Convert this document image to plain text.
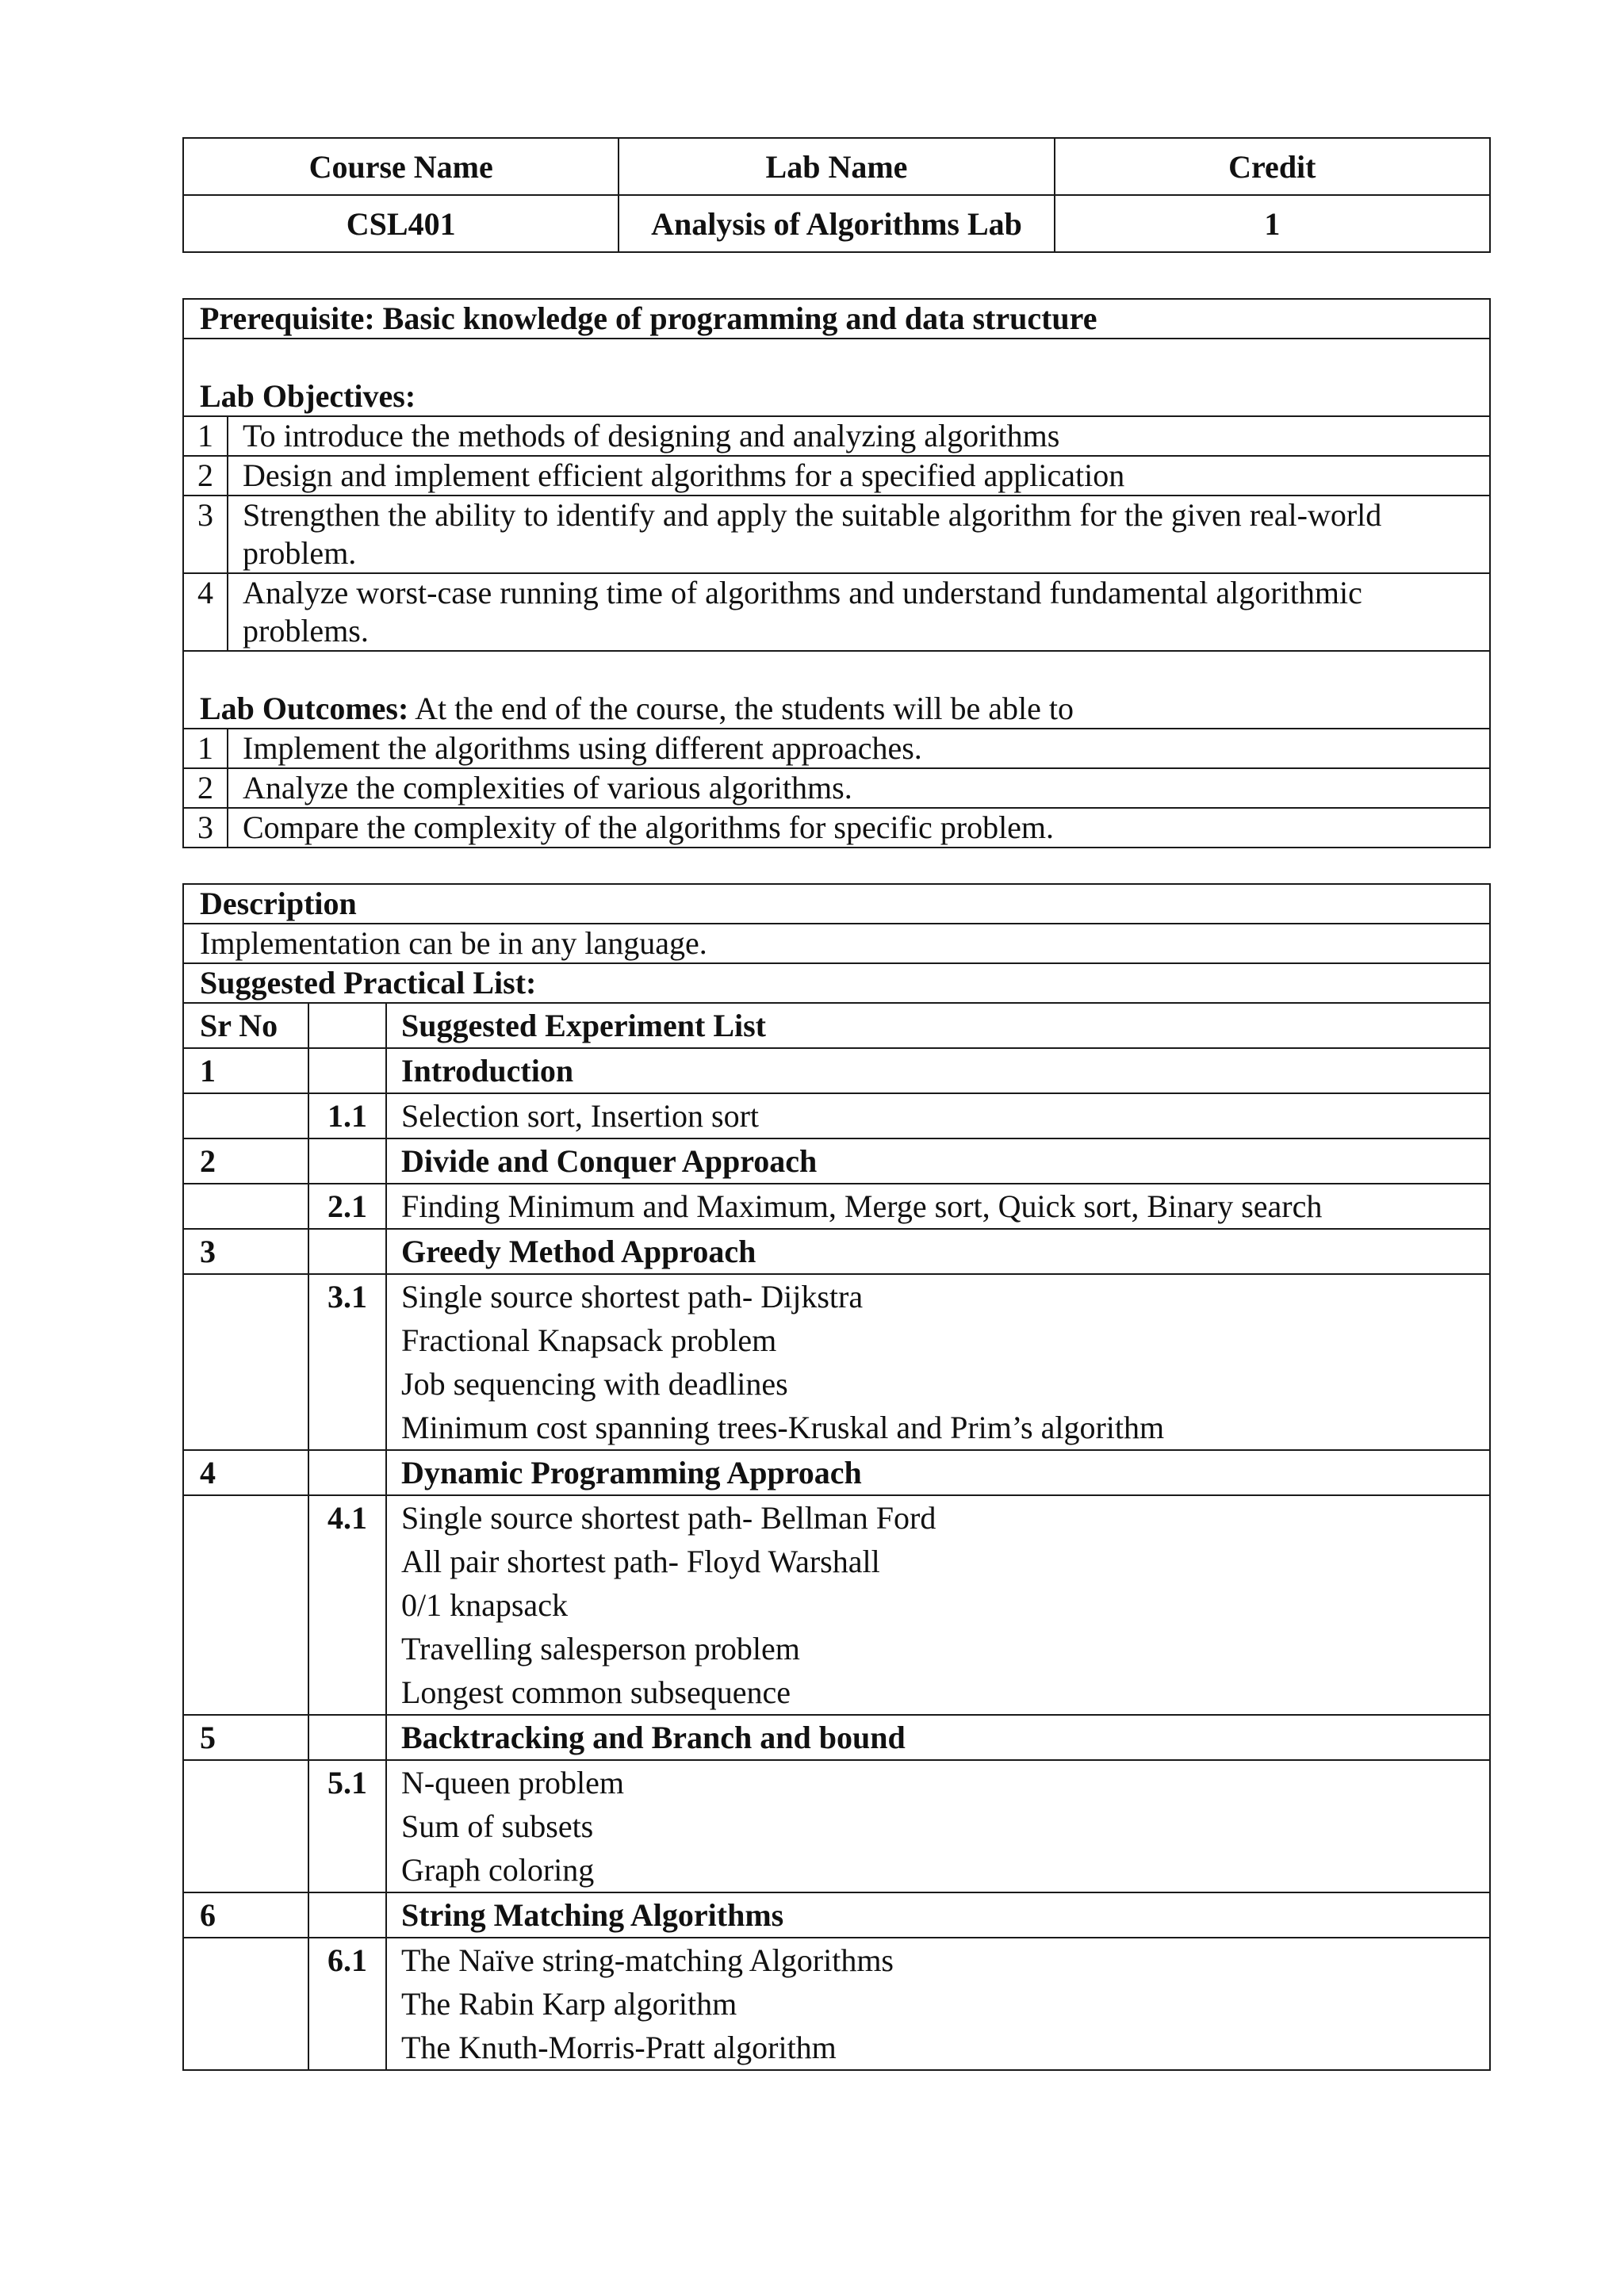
Course Name	Lab Name	Credit
CSL401	Analysis of Algorithms Lab	1
Prerequisite: Basic knowledge of programming and data structure	
Lab Objectives:	
1	To introduce the methods of designing and analyzing algorithms
2	Design and implement efficient algorithms for a specified application
3	Strengthen the ability to identify and apply the suitable algorithm for the given real-world problem.
4	Analyze worst-case running time of algorithms and understand fundamental algorithmic problems.
Lab Outcomes: At the end of the course, the students will be able to	
1	Implement the algorithms using different approaches.
2	Analyze the complexities of various algorithms.
3	Compare the complexity of the algorithms for specific problem.
Description		
Implementation can be in any language.		
Suggested Practical List:		
Sr No		Suggested Experiment List
1		Introduction

	1.1	Selection sort, Insertion sort

2		Divide and Conquer Approach

	2.1	Finding Minimum and Maximum, Merge sort, Quick sort, Binary search

3		Greedy Method Approach

	3.1	Single source shortest path- Dijkstra
Fractional Knapsack problem
Job sequencing with deadlines
Minimum cost spanning trees-Kruskal and Prim’s algorithm

4		Dynamic Programming Approach

	4.1	Single source shortest path- Bellman Ford
All pair shortest path- Floyd Warshall
0/1 knapsack
Travelling salesperson problem
Longest common subsequence

5		Backtracking and Branch and bound

	5.1	N-queen problem
Sum of subsets
Graph coloring

6		String Matching Algorithms

	6.1	The Naïve string-matching Algorithms
The Rabin Karp algorithm
The Knuth-Morris-Pratt algorithm
